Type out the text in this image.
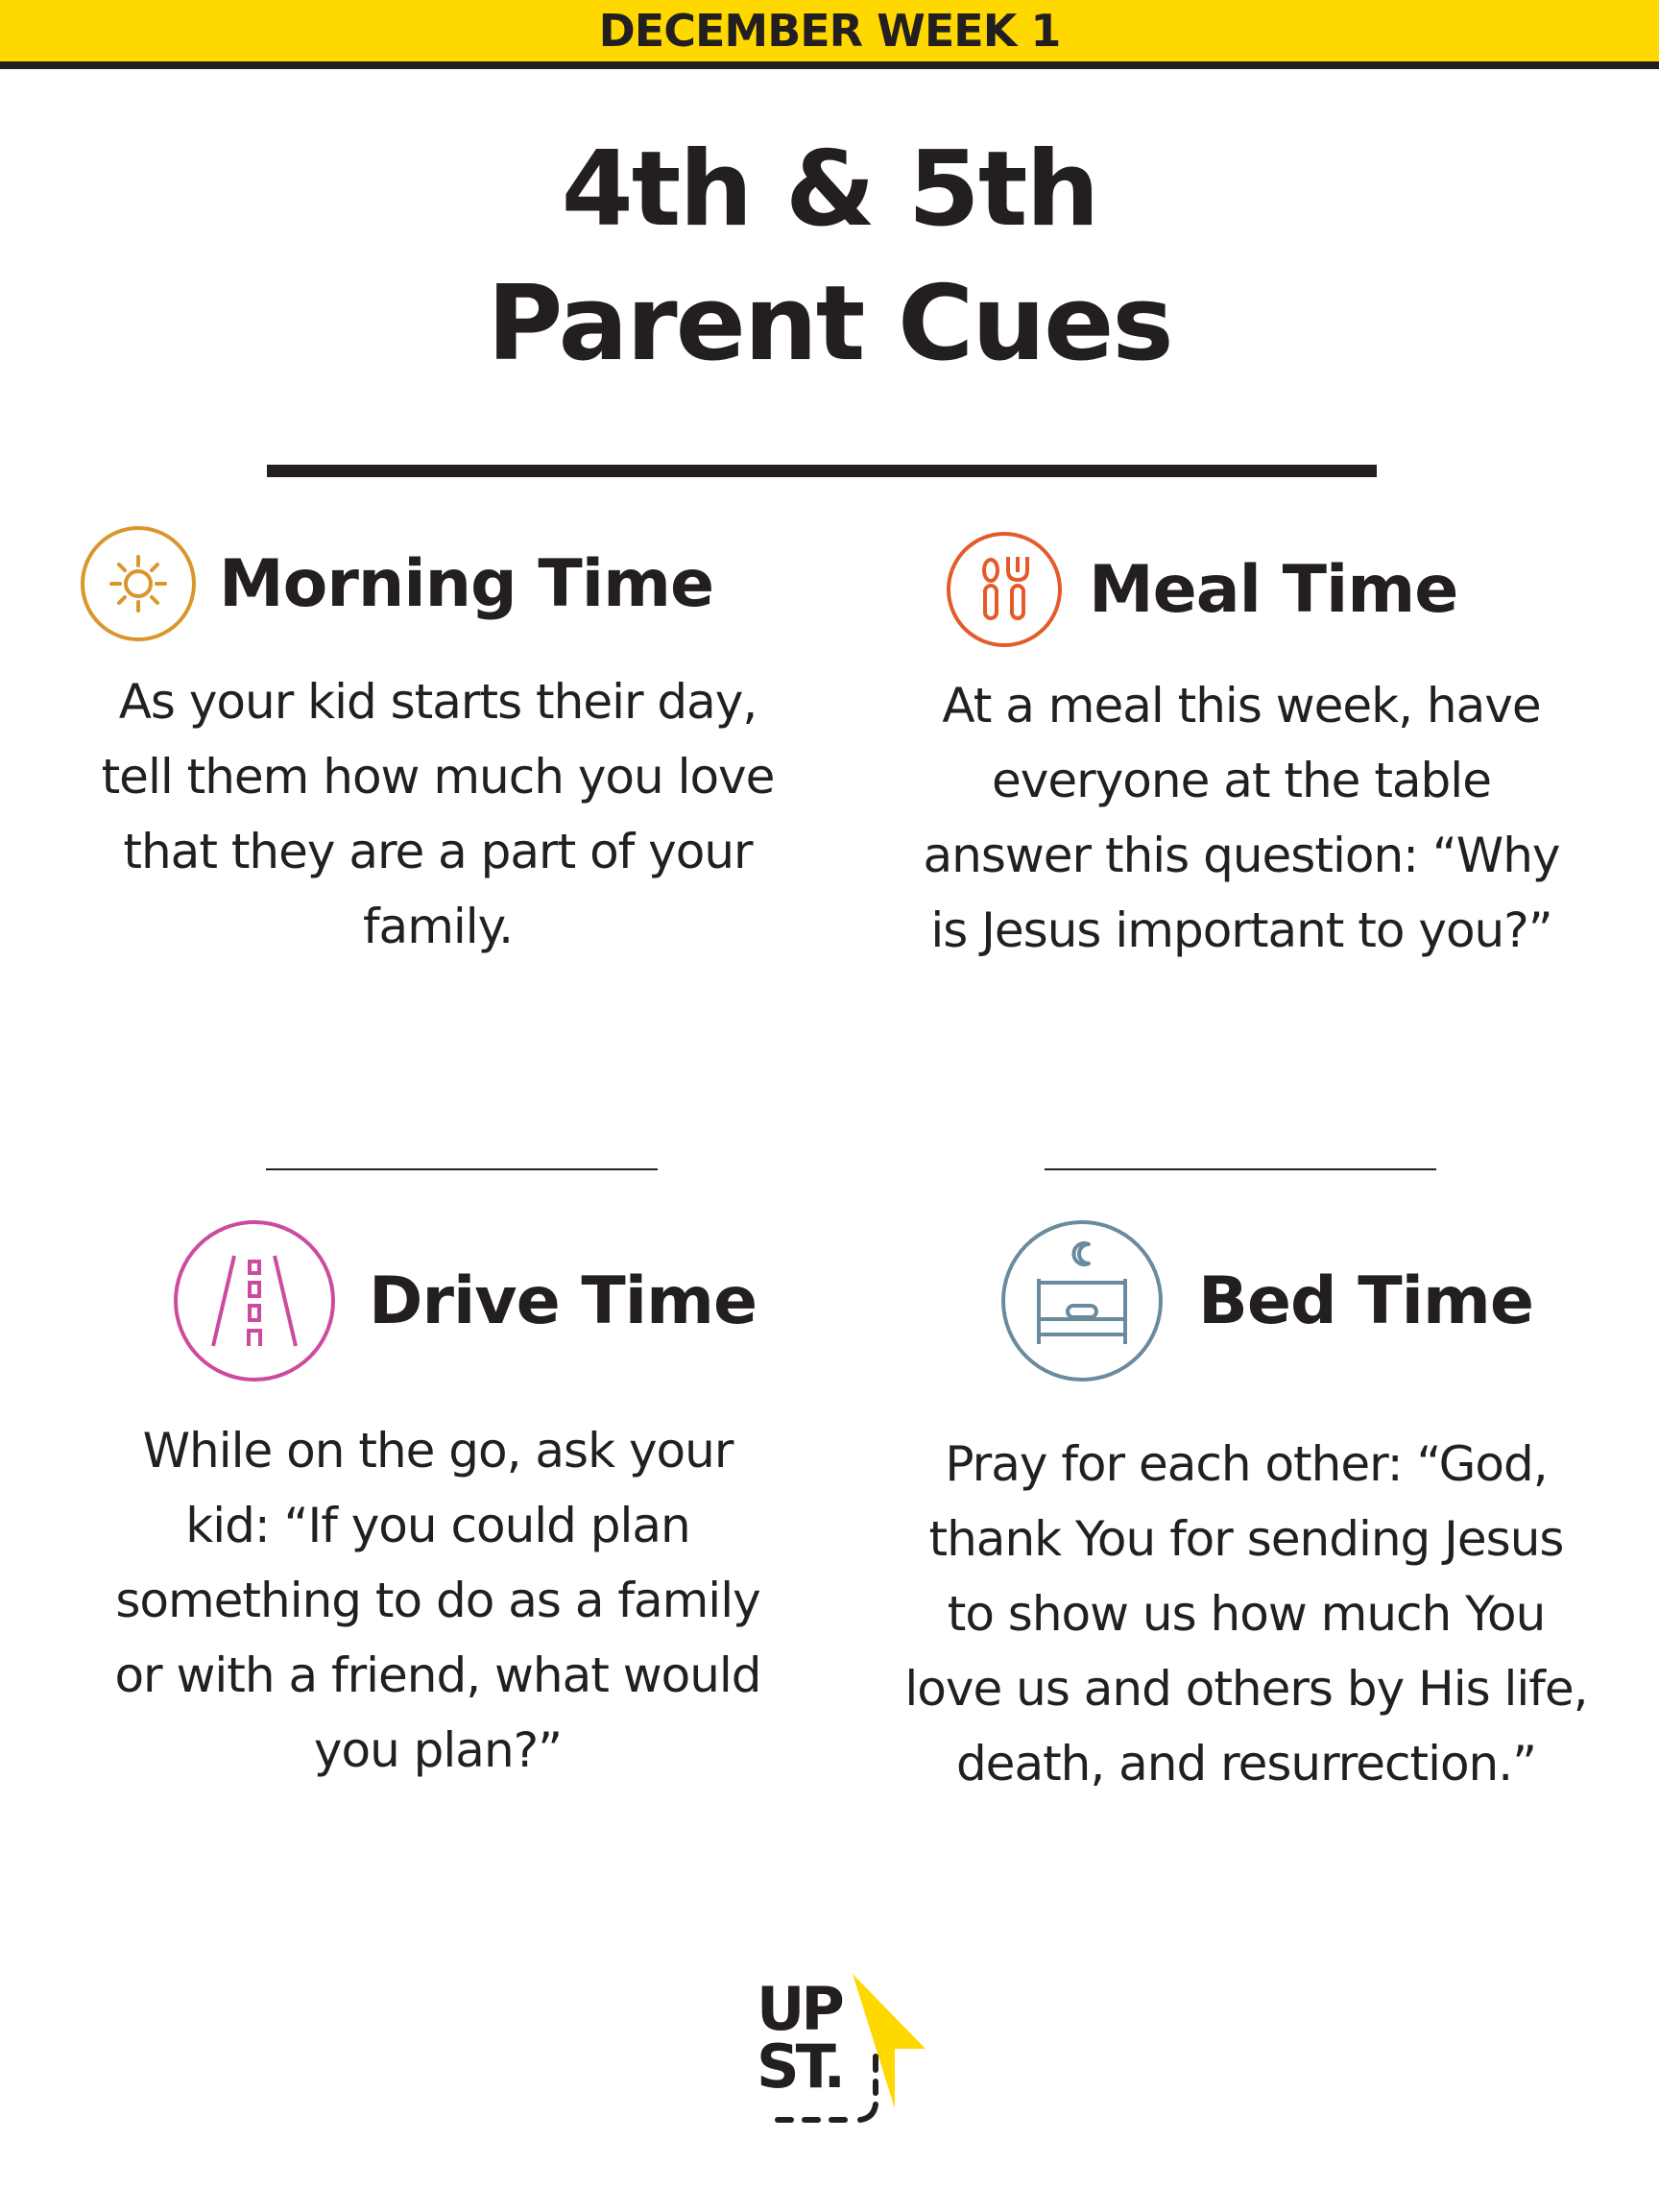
DECEMBER WEEK 1
4th & 5th
Parent Cues
Morning Time

As your kid starts their day,

tell them how much you love

that they are a part of your

family.

Meal Time

At a meal this week, have

everyone at the table

answer this question: “Why

is Jesus important to you?”

Drive Time

While on the go, ask your

kid: “If you could plan

something to do as a family

or with a friend, what would

you plan?”

Bed Time

Pray for each other: “God,

thank You for sending Jesus

to show us how much You

love us and others by His life,

death, and resurrection.”

UP
ST.
